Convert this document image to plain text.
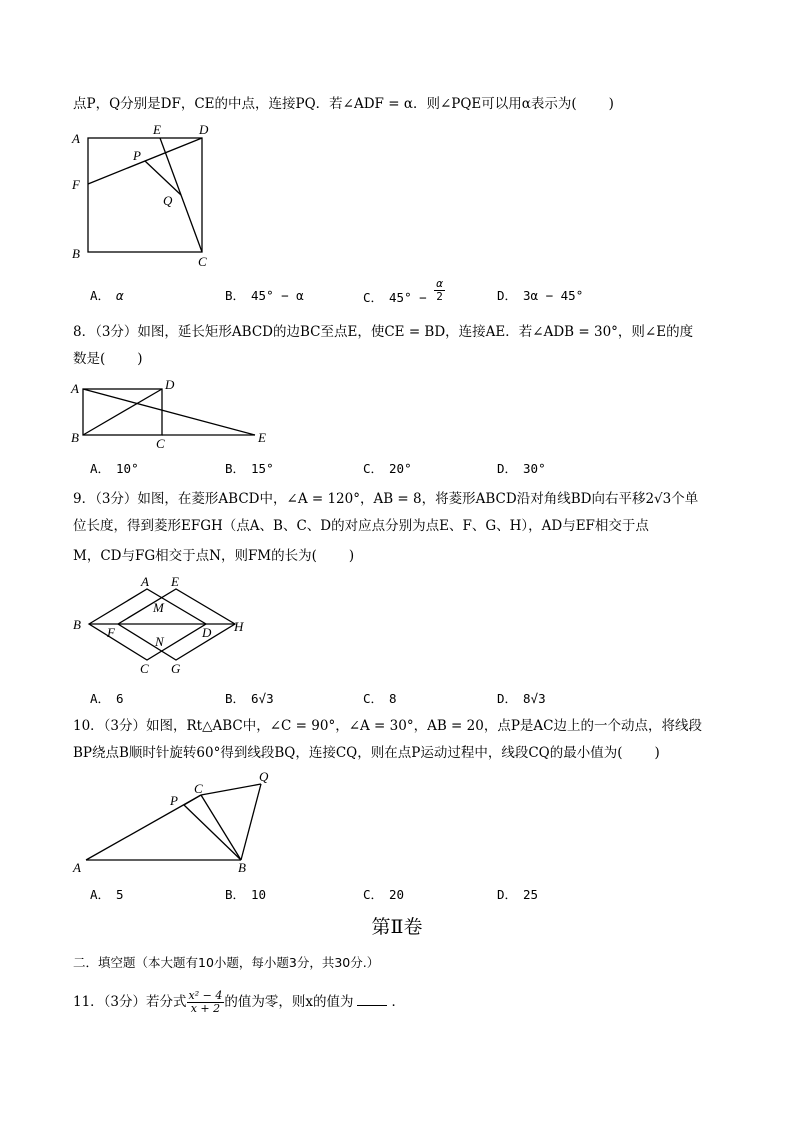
点P，Q分别是DF，CE的中点，连接PQ．若∠ADF = α．则∠PQE可以用α表示为( )
A
E	D
P
F
Q
B
C
A． α	B． 45° − α	C． $45^\circ - \frac{\alpha}{2}$	D． 3α − 45°
8．（3分）如图，延长矩形ABCD的边BC至点E，使CE = BD，连接AE．若∠ADB = 30°，则∠E的度
数是( )
A	D
B	C	E
A． 10°	B． 15°	C． 20°	D． 30°
9．（3分）如图，在菱形ABCD中，∠A = 120°，AB = 8，将菱形ABCD沿对角线BD向右平移2√3个单
位长度，得到菱形EFGH（点A、B、C、D的对应点分别为点E、F、G、H），AD与EF相交于点
M，CD与FG相交于点N，则FM的长为( )
A E
M
B
F	D H
N
C G
A． 6	B． 6√3	C． 8	D． 8√3
10．（3分）如图，Rt△ABC中，∠C = 90°，∠A = 30°，AB = 20，点P是AC边上的一个动点，将线段
BP绕点B顺时针旋转60°得到线段BQ，连接CQ，则在点P运动过程中，线段CQ的最小值为( )
Q
C
P
A	B
A． 5	B． 10	C． 20	D． 25
第Ⅱ卷
二．填空题（本大题有10小题，每小题3分，共30分.）
11．（3分）若分式 $\frac{\text{x² − 4}}{x + 2}$ 的值为零，则x的值为	．
